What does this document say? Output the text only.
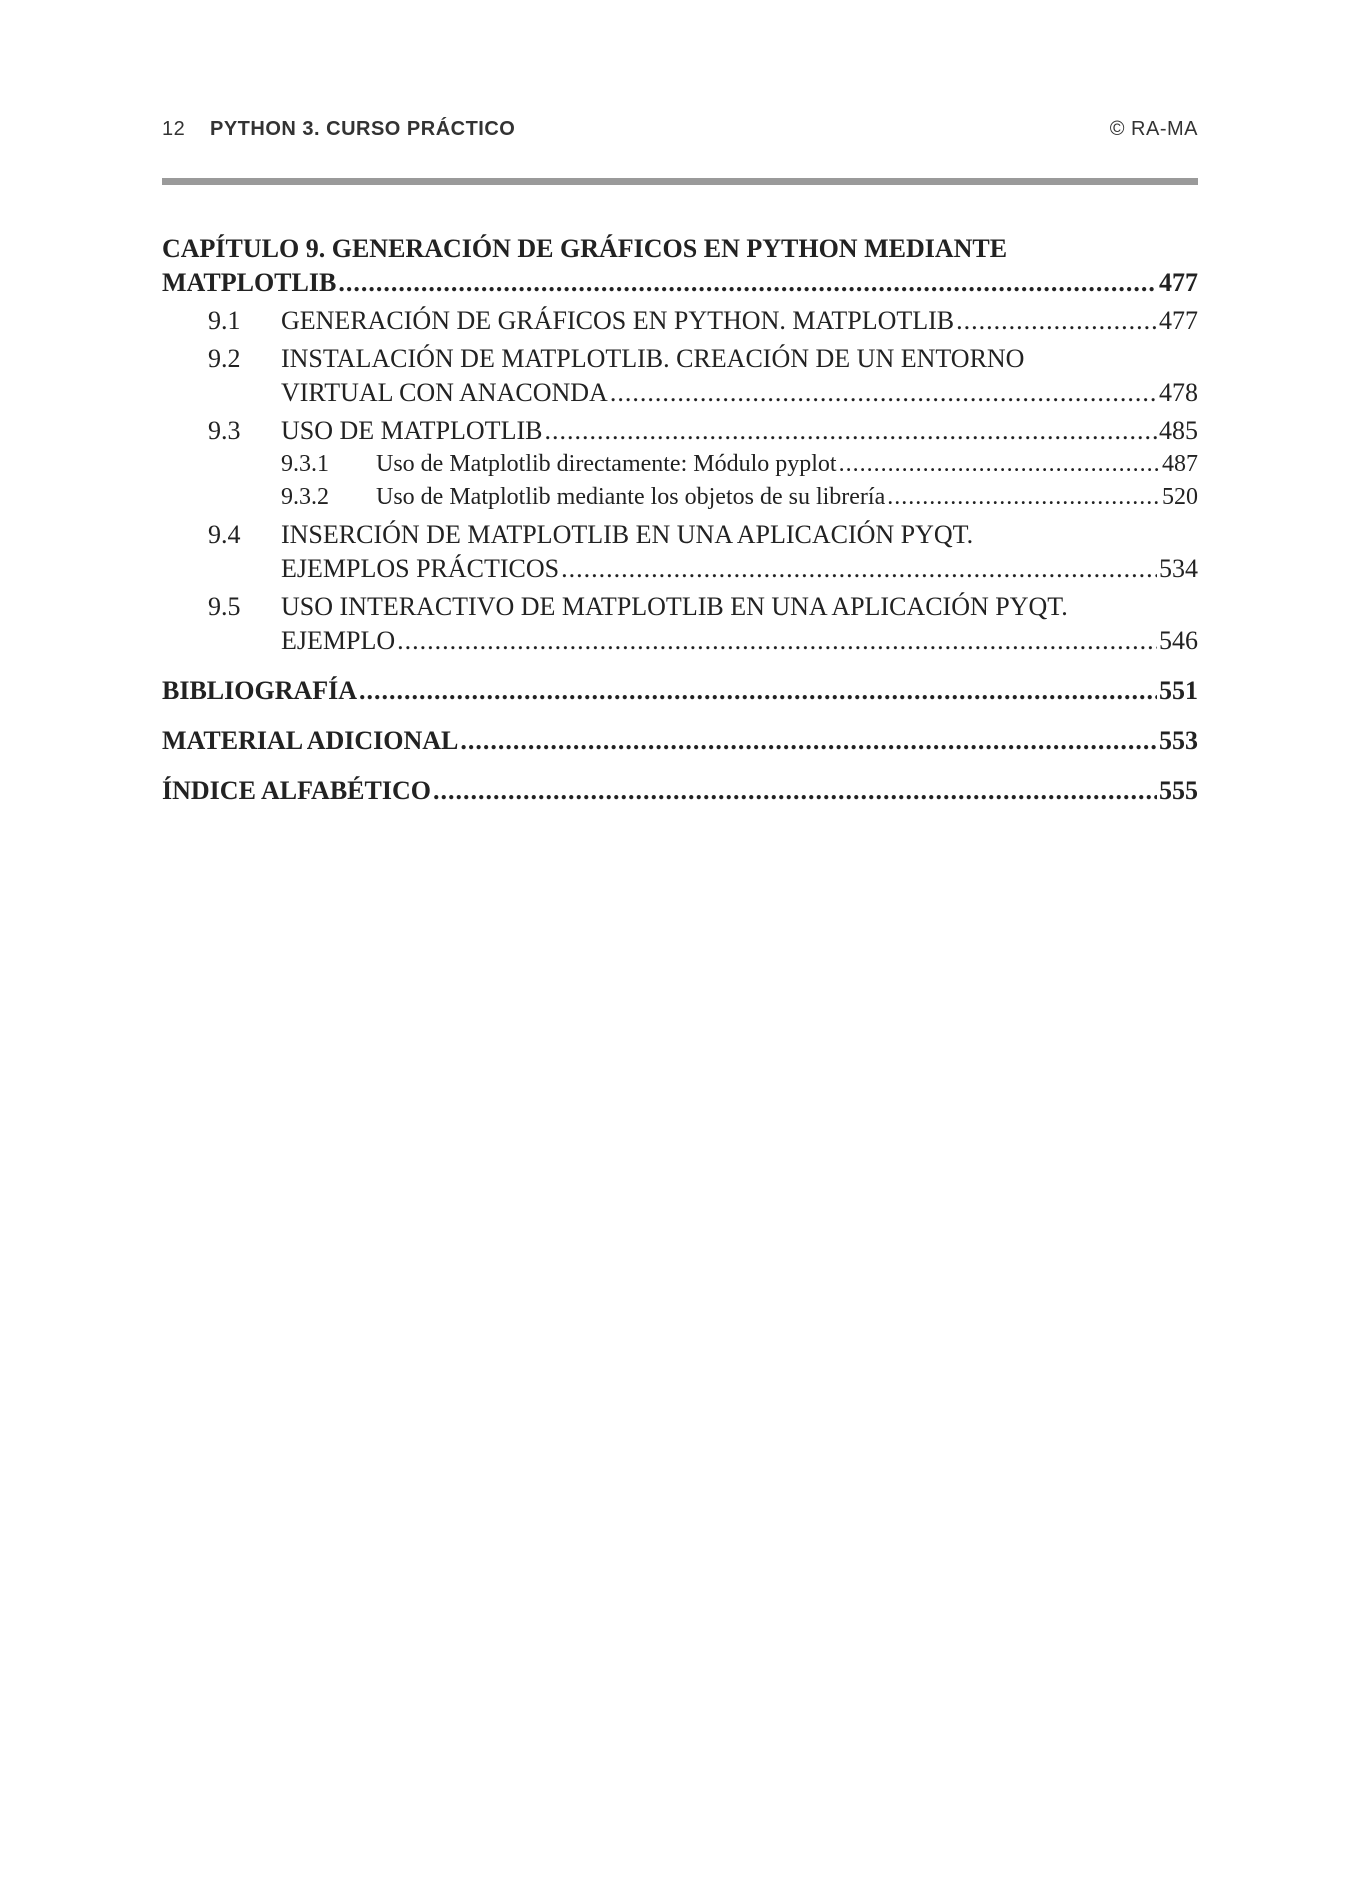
12 PYTHON 3. CURSO PRÁCTICO	© RA-MA
CAPÍTULO 9. GENERACIÓN DE GRÁFICOS EN PYTHON MEDIANTE
MATPLOTLIB .....	477
9.1 GENERACIÓN DE GRÁFICOS EN PYTHON. MATPLOTLIB .....	477
9.2 INSTALACIÓN DE MATPLOTLIB. CREACIÓN DE UN ENTORNO
VIRTUAL CON ANACONDA .....	478
9.3 USO DE MATPLOTLIB .....	485
9.3.1 Uso de Matplotlib directamente: Módulo pyplot .....	487
9.3.2 Uso de Matplotlib mediante los objetos de su librería .....	520
9.4 INSERCIÓN DE MATPLOTLIB EN UNA APLICACIÓN PYQT.
EJEMPLOS PRÁCTICOS .....	534
9.5 USO INTERACTIVO DE MATPLOTLIB EN UNA APLICACIÓN PYQT.
EJEMPLO .....	546
BIBLIOGRAFÍA .....	551
MATERIAL ADICIONAL .....	553
ÍNDICE ALFABÉTICO .....	555
